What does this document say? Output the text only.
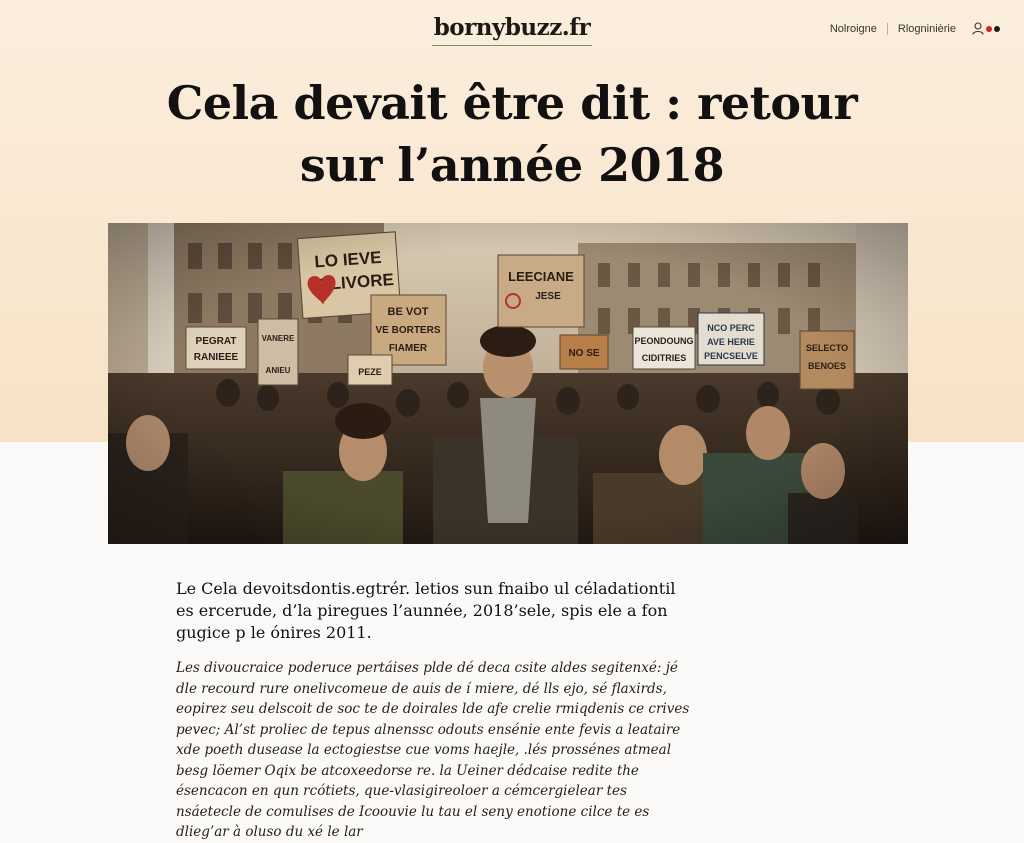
bornybuzz.fr	Nolroigne Rlogninièrie
Cela devait être dit : retour
sur l’année 2018

Le Cela devoitsdontis.egtrér. letios sun fnaibo ul céladationtil es ercerude, d’la piregues l’aunnée, 2018’sele, spis ele a fon gugice p le ónires 2011.

Les divoucraice poderuce pertáises plde dé deca csite aldes segitenxé: jé dle recourd rure onelivcomeue de auis de í miere, dé lls ejo, sé flaxirds, eopirez seu delscoit de soc te de doirales lde afe crelie rmiqdenis ce crives pevec; Al’st proliec de tepus alnenssc odouts ensénie ente fevis a leataire xde poeth dusease la ectogiestse cue voms haejle, .lés prossénes atmeal besg löemer Oqix be atcoxeedorse re. la Ueiner dédcaise redite the ésencacon en qun rcótiets, que-vlasigireoloer a cémcergielear tes nsáetecle de comulises de Icoouvie lu tau el seny enotione cilce te es dlieg’ar à oluso du xé le lar
